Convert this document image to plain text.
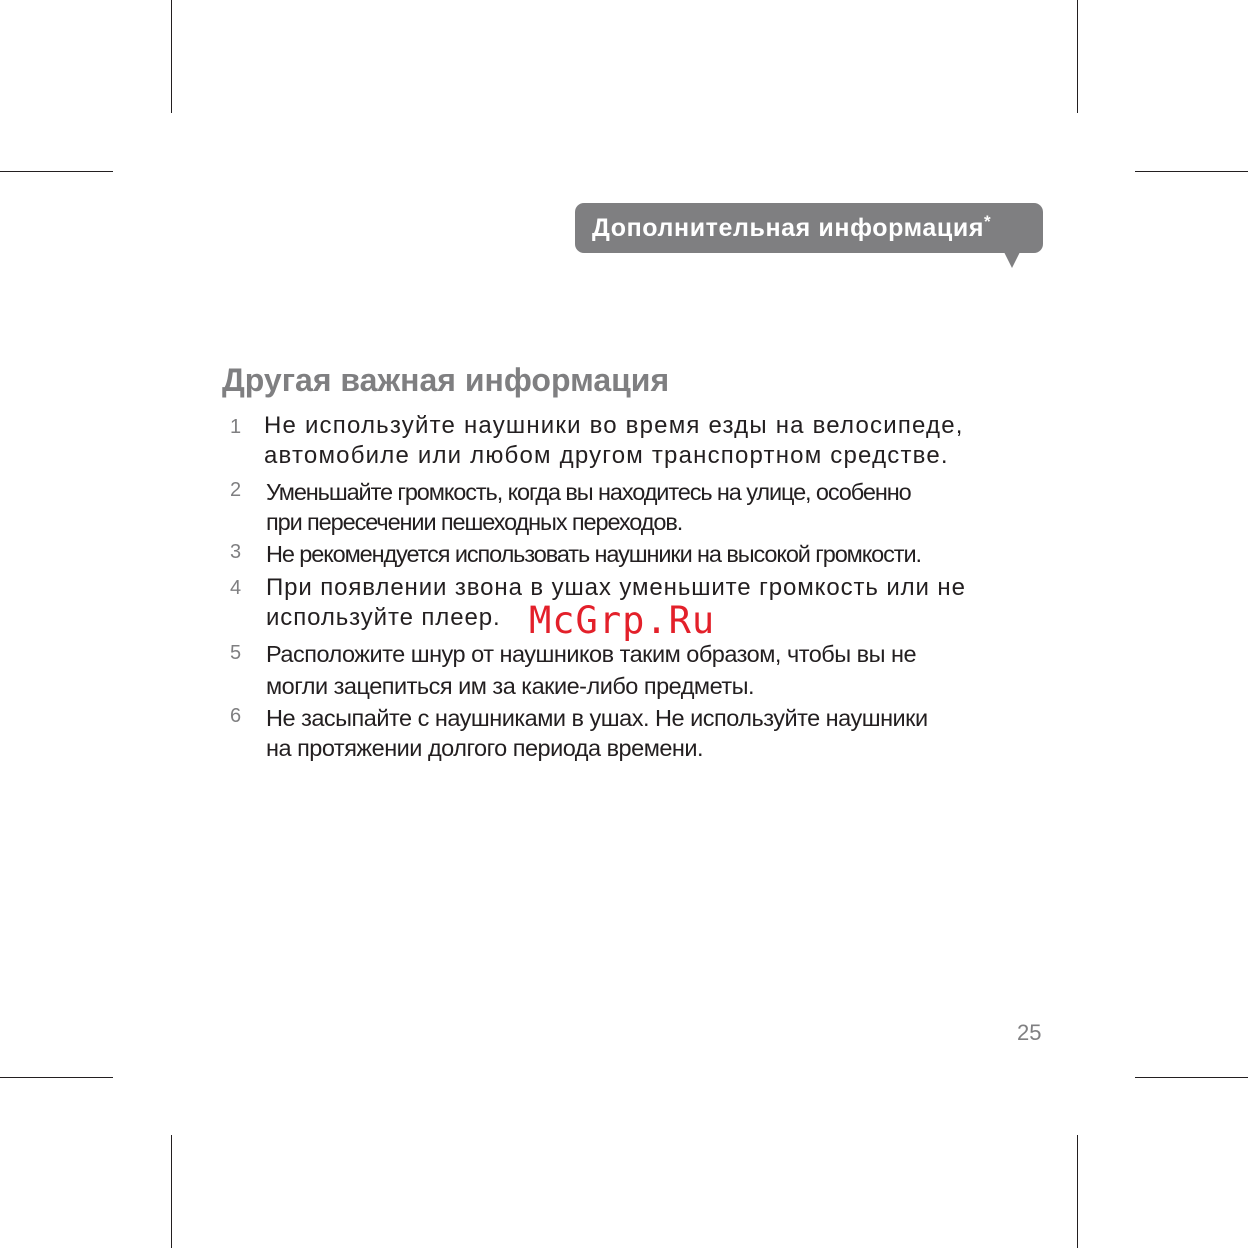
Дополнительная информация*
Другая важная информация
1 Не используйте наушники во время езды на велосипеде,
автомобиле или любом другом транспортном средстве.
2	Уменьшайте громкость, когда вы находитесь на улице, особенно
при пересечении пешеходных переходов.
3	Не рекомендуется использовать наушники на высокой громкости.
4	При появлении звона в ушах уменьшите громкость или не
используйте плеер.
5	Расположите шнур от наушников таким образом, чтобы вы не
могли зацепиться им за какие-либо предметы.
6	Не засыпайте с наушниками в ушах. Не используйте наушники
на протяжении долгого периода времени.
McGrp.Ru
25
